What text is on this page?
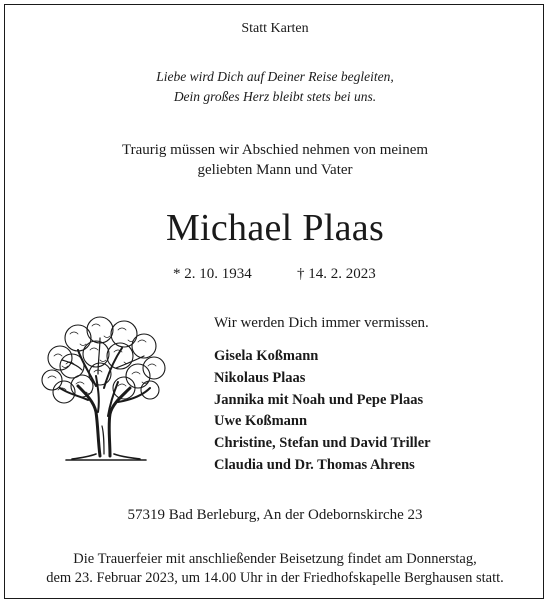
Statt Karten
Liebe wird Dich auf Deiner Reise begleiten,
Dein großes Herz bleibt stets bei uns.
Traurig müssen wir Abschied nehmen von meinem
geliebten Mann und Vater
Michael Plaas
* 2. 10. 1934	† 14. 2. 2023
Wir werden Dich immer vermissen.
Gisela Koßmann
Nikolaus Plaas
Jannika mit Noah und Pepe Plaas
Uwe Koßmann
Christine, Stefan und David Triller
Claudia und Dr. Thomas Ahrens
57319 Bad Berleburg, An der Odebornskirche 23
Die Trauerfeier mit anschließender Beisetzung findet am Donnerstag,
dem 23. Februar 2023, um 14.00 Uhr in der Friedhofskapelle Berghausen statt.
